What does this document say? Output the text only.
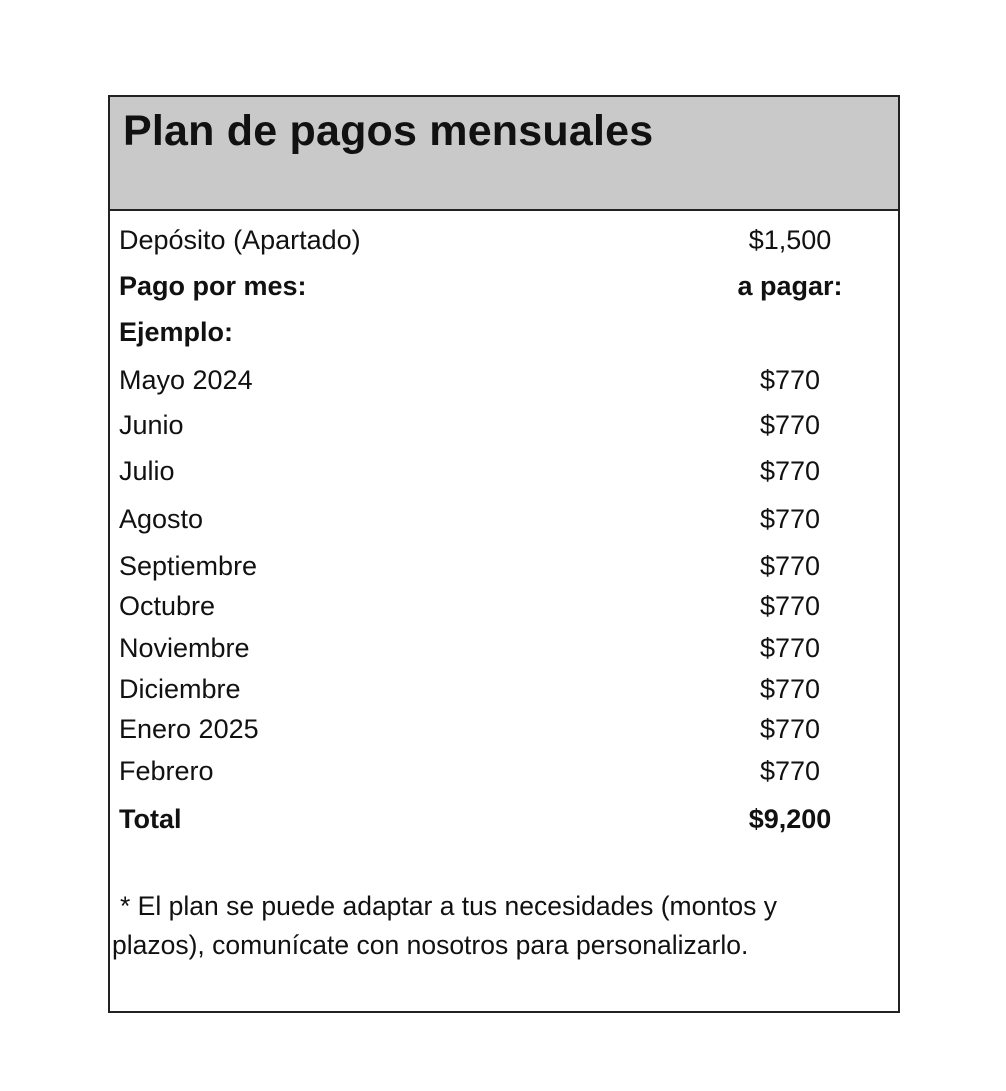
Plan de pagos mensuales
Depósito (Apartado)	$1,500
Pago por mes:	a pagar:
Ejemplo:
Mayo 2024	$770
Junio	$770
Julio	$770
Agosto	$770
Septiembre	$770
Octubre	$770
Noviembre	$770
Diciembre	$770
Enero 2025	$770
Febrero	$770
Total	$9,200
* El plan se puede adaptar a tus necesidades (montos y
plazos), comunícate con nosotros para personalizarlo.
